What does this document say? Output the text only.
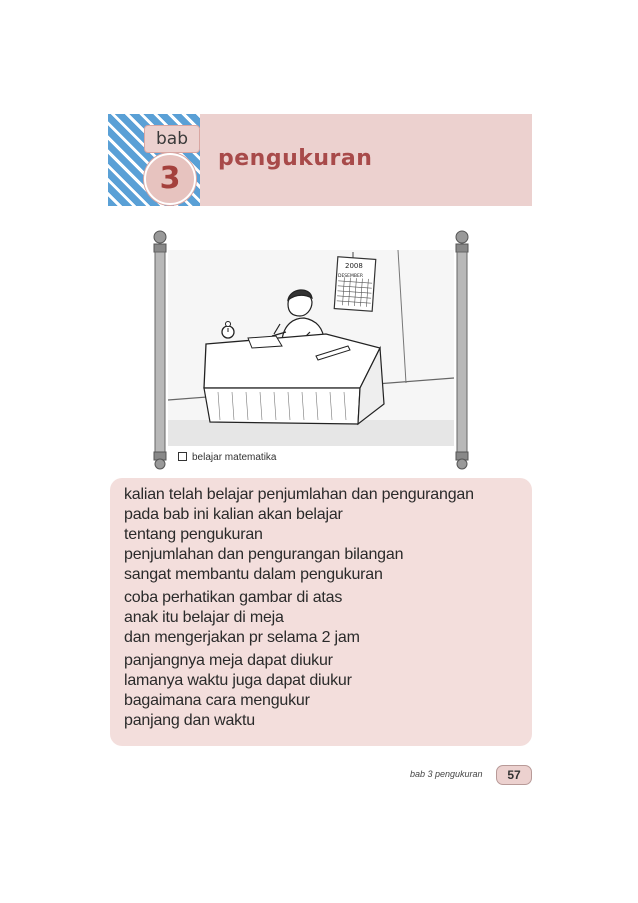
bab
3
pengukuran
2008
DESEMBER
belajar matematika
kalian telah belajar penjumlahan dan pengurangan
pada bab ini kalian akan belajar
tentang pengukuran
penjumlahan dan pengurangan bilangan
sangat membantu dalam pengukuran
coba perhatikan gambar di atas
anak itu belajar di meja
dan mengerjakan pr selama 2 jam
panjangnya meja dapat diukur
lamanya waktu juga dapat diukur
bagaimana cara mengukur
panjang dan waktu
bab 3 pengukuran	57
